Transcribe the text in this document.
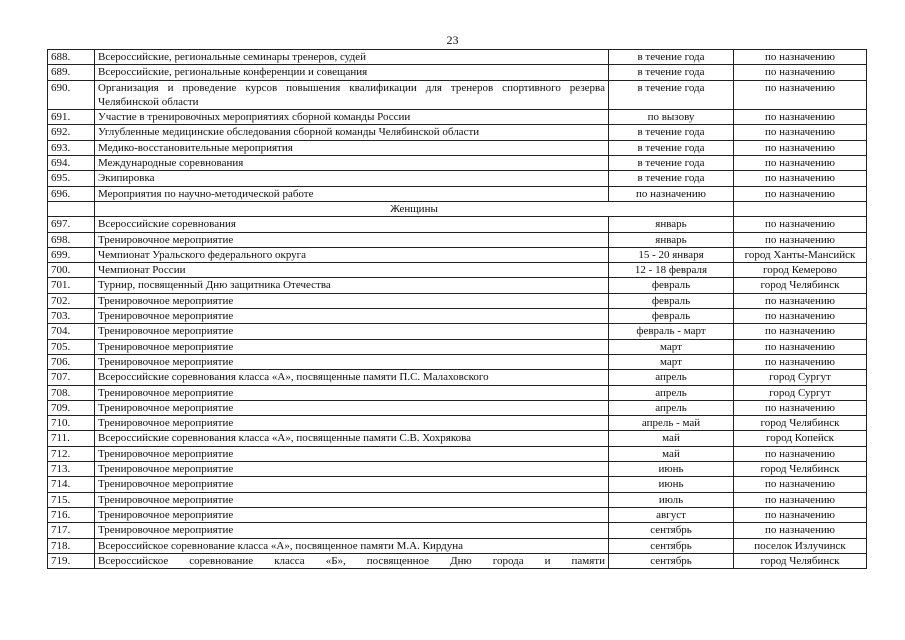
23
688.	Всероссийские, региональные семинары тренеров, судей	в течение года	по назначению	
689.	Всероссийские, региональные конференции и совещания	в течение года	по назначению	
690.	Организация и проведение курсов повышения квалификации для тренеров спортивного резерва Челябинской области	в течение года	по назначению	
691.	Участие в тренировочных мероприятиях сборной команды России	по вызову	по назначению	
692.	Углубленные медицинские обследования сборной команды Челябинской области	в течение года	по назначению	
693.	Медико-восстановительные мероприятия	в течение года	по назначению	
694.	Международные соревнования	в течение года	по назначению	
695.	Экипировка	в течение года	по назначению	
696.	Мероприятия по научно-методической работе	по назначению	по назначению	
	Женщины			
697.	Всероссийские соревнования	январь	по назначению	
698.	Тренировочное мероприятие	январь	по назначению	
699.	Чемпионат Уральского федерального округа	15 - 20 января	город Ханты-Мансийск	
700.	Чемпионат России	12 - 18 февраля	город Кемерово	
701.	Турнир, посвященный Дню защитника Отечества	февраль	город Челябинск	
702.	Тренировочное мероприятие	февраль	по назначению	
703.	Тренировочное мероприятие	февраль	по назначению	
704.	Тренировочное мероприятие	февраль - март	по назначению	
705.	Тренировочное мероприятие	март	по назначению	
706.	Тренировочное мероприятие	март	по назначению	
707.	Всероссийские соревнования класса «А», посвященные памяти П.С. Малаховского	апрель	город Сургут	
708.	Тренировочное мероприятие	апрель	город Сургут	
709.	Тренировочное мероприятие	апрель	по назначению	
710.	Тренировочное мероприятие	апрель - май	город Челябинск	
711.	Всероссийские соревнования класса «А», посвященные памяти С.В. Хохрякова	май	город Копейск	
712.	Тренировочное мероприятие	май	по назначению	
713.	Тренировочное мероприятие	июнь	город Челябинск	
714.	Тренировочное мероприятие	июнь	по назначению	
715.	Тренировочное мероприятие	июль	по назначению	
716.	Тренировочное мероприятие	август	по назначению	
717.	Тренировочное мероприятие	сентябрь	по назначению	
718.	Всероссийское соревнование класса «А», посвященное памяти М.А. Кирдуна	сентябрь	поселок Излучинск	
719.	Всероссийское соревнование класса «Б», посвященное Дню города и памяти	сентябрь	город Челябинск	
